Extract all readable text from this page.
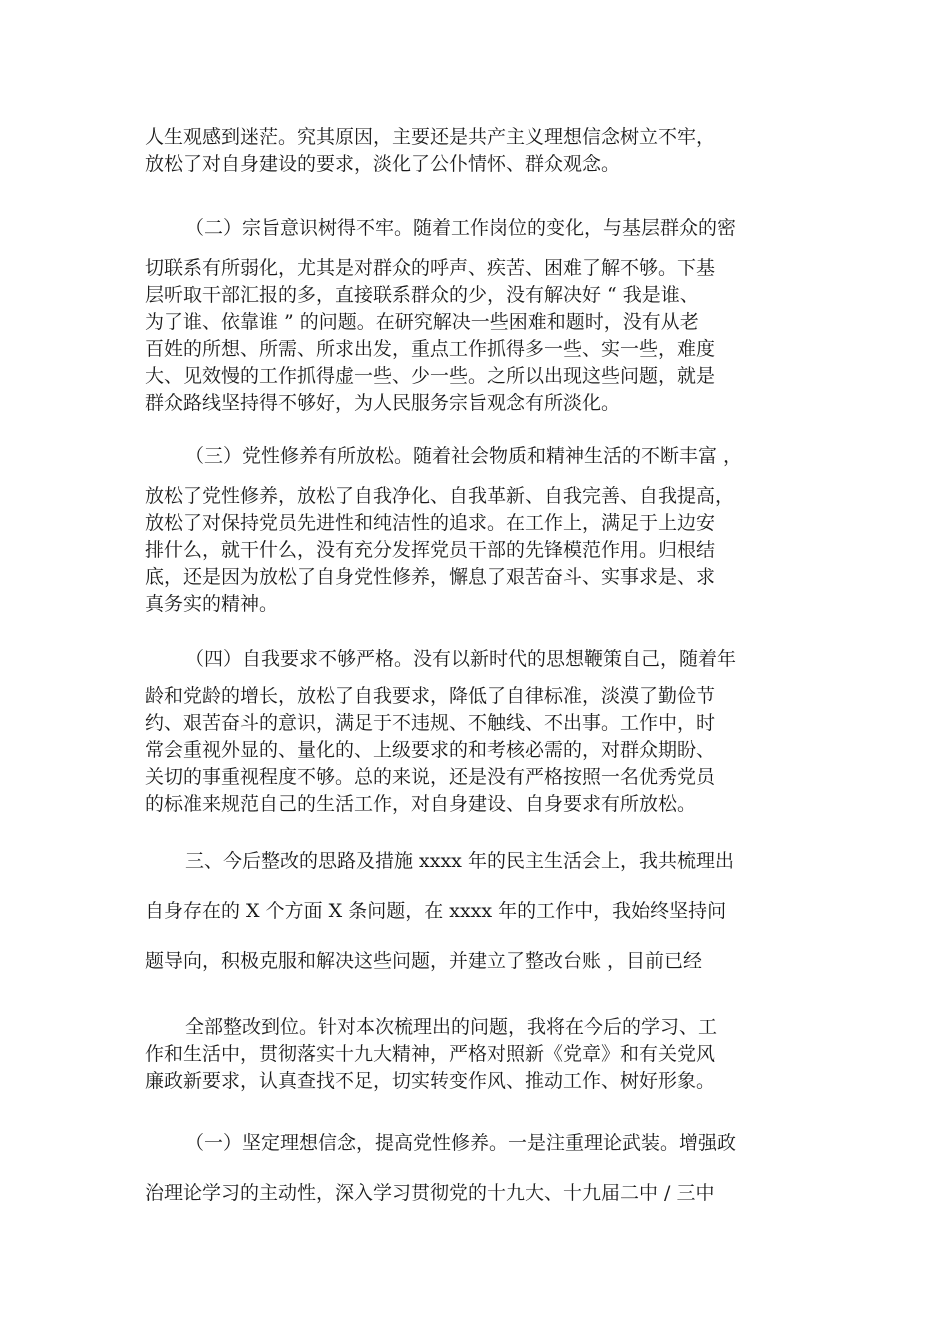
人生观感到迷茫。究其原因，主要还是共产主义理想信念树立不牢，
放松了对自身建设的要求，淡化了公仆情怀、群众观念。

（二）宗旨意识树得不牢。随着工作岗位的变化，与基层群众的密

切联系有所弱化，尤其是对群众的呼声、疾苦、困难了解不够。下基
层听取干部汇报的多，直接联系群众的少，没有解决好 “ 我是谁、
为了谁、依靠谁 ” 的问题。在研究解决一些困难和题时，没有从老
百姓的所想、所需、所求出发，重点工作抓得多一些、实一些，难度
大、见效慢的工作抓得虚一些、少一些。之所以出现这些问题，就是
群众路线坚持得不够好，为人民服务宗旨观念有所淡化。

（三）党性修养有所放松。随着社会物质和精神生活的不断丰富 ，

放松了党性修养，放松了自我净化、自我革新、自我完善、自我提高，
放松了对保持党员先进性和纯洁性的追求。在工作上，满足于上边安
排什么，就干什么，没有充分发挥党员干部的先锋模范作用。归根结
底，还是因为放松了自身党性修养，懈息了艰苦奋斗、实事求是、求
真务实的精神。

（四）自我要求不够严格。没有以新时代的思想鞭策自己，随着年

龄和党龄的增长，放松了自我要求，降低了自律标准，淡漠了勤俭节
约、艰苦奋斗的意识，满足于不违规、不触线、不出事。工作中，时
常会重视外显的、量化的、上级要求的和考核必需的，对群众期盼、
关切的事重视程度不够。总的来说，还是没有严格按照一名优秀党员
的标准来规范自己的生活工作，对自身建设、自身要求有所放松。

三、今后整改的思路及措施 xxxx 年的民主生活会上，我共梳理出

自身存在的 X 个方面 X 条问题，在 xxxx 年的工作中，我始终坚持问

题导向，积极克服和解决这些问题，并建立了整改台账 ，目前已经

全部整改到位。针对本次梳理出的问题，我将在今后的学习、工
作和生活中，贯彻落实十九大精神，严格对照新《党章》和有关党风
廉政新要求，认真查找不足，切实转变作风、推动工作、树好形象。

（一）坚定理想信念，提高党性修养。一是注重理论武装。增强政

治理论学习的主动性，深入学习贯彻党的十九大、十九届二中 / 三中
